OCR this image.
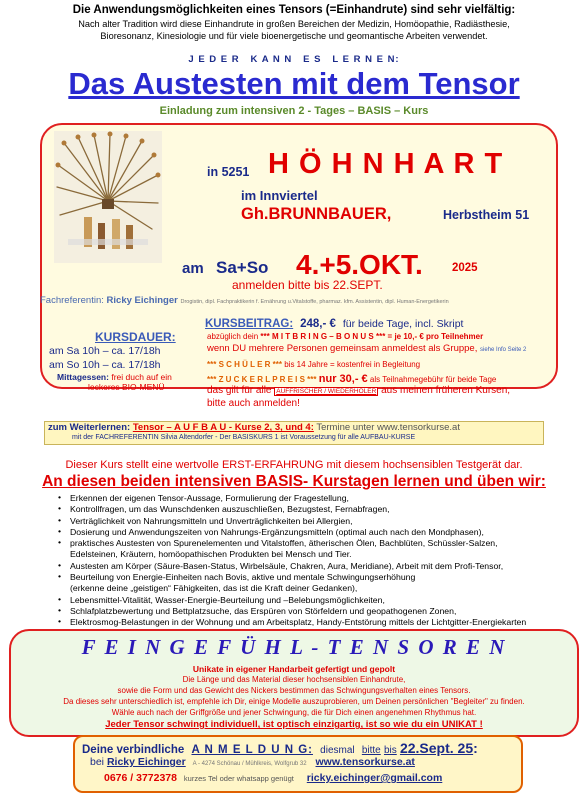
Die Anwendungsmöglichkeiten eines Tensors (=Einhandrute) sind sehr vielfältig:
Nach alter Tradition wird diese Einhandrute in großen Bereichen der Medizin, Homöopathie, Radiästhesie,
Bioresonanz, Kinesiologie und für viele bioenergetische und geomantische Arbeiten verwendet.
J E D E R   K A N N   E S   L E R N E N:
Das Austesten mit dem Tensor
Einladung zum intensiven 2 - Tages – BASIS – Kurs
in 5251 H Ö H N H A R T
im Innviertel
Gh.BRUNNBAUER,	Herbstheim 51
am Sa+So 4.+5.OKT.	2025
anmelden bitte bis 22.SEPT.
Fachreferentin: Ricky Eichinger Drogistin, dipl. Fachpraktikerin f. Ernährung u.Vitalstoffe, pharmaz. kfm. Assistentin, dipl. Human-Energetikerin
KURSDAUER:
am Sa 10h – ca. 17/18h
am So 10h – ca. 17/18h
Mittagessen: frei duch auf ein
leckeres BIO-MENÜ
KURSBEITRAG: 248,- € für beide Tage, incl. Skript
abzüglich dein *** M I T B R I N G – B O N U S *** = je 10,- € pro Teilnehmer
wenn DU mehrere Personen gemeinsam anmeldest als Gruppe, siehe Info Seite 2
*** S C H Ü L E R *** bis 14 Jahre = kostenfrei in Begleitung
*** Z U C K E R L P R E I S *** nur 30,- € als Teilnahmegebühr für beide Tage
das gilt für alle AUFFRISCHER / WIEDERHOLER aus meinen früheren Kursen,
bitte auch anmelden!
zum Weiterlernen: Tensor – A U F B A U - Kurse 2, 3, und 4: Termine unter www.tensorkurse.at
mit der FACHREFERENTIN Silvia Altendorfer - Der BASISKURS 1 ist Voraussetzung für alle AUFBAU-KURSE
Dieser Kurs stellt eine wertvolle ERST-ERFAHRUNG mit diesem hochsensiblen Testgerät dar.
An diesen beiden intensiven BASIS- Kurstagen lernen und üben wir:
• Erkennen der eigenen Tensor-Aussage, Formulierung der Fragestellung,
• Kontrollfragen, um das Wunschdenken auszuschließen, Bezugstest, Fernabfragen,
• Verträglichkeit von Nahrungsmitteln und Unverträglichkeiten bei Allergien,
• Dosierung und Anwendungszeiten von Nahrungs-Ergänzungsmitteln (optimal auch nach den Mondphasen),
• praktisches Austesten von Spurenelementen und Vitalstoffen, ätherischen Ölen, Bachblüten, Schüssler-Salzen,
Edelsteinen, Kräutern, homöopathischen Produkten bei Mensch und Tier.
• Austesten am Körper (Säure-Basen-Status, Wirbelsäule, Chakren, Aura, Meridiane), Arbeit mit dem Profi-Tensor,
• Beurteilung von Energie-Einheiten nach Bovis, aktive und mentale Schwingungserhöhung
(erkenne deine „geistigen“ Fähigkeiten, das ist die Kraft deiner Gedanken),
• Lebensmittel-Vitalität, Wasser-Energie-Beurteilung und –Belebungsmöglichkeiten,
• Schlafplatzbewertung und Bettplatzsuche, das Erspüren von Störfeldern und geopathogenen Zonen,
• Elektrosmog-Belastungen in der Wohnung und am Arbeitsplatz, Handy-Entstörung mittels der Lichtgitter-Energiekarten
F E I N G E F Ü H L - T E N S O R E N
Unikate in eigener Handarbeit gefertigt und gepolt
Die Länge und das Material dieser hochsensiblen Einhandrute,
sowie die Form und das Gewicht des Nickers bestimmen das Schwingungsverhalten eines Tensors.
Da dieses sehr unterschiedlich ist, empfehle ich Dir, einige Modelle auszuprobieren, um Deinen persönlichen "Begleiter" zu finden.
Wähle auch nach der Griffgröße und jener Schwingung, die für Dich einen angenehmen Rhythmus hat.
Jeder Tensor schwingt individuell, ist optisch einzigartig, ist so wie du ein UNIKAT !
Deine verbindliche A N M E L D U N G: diesmal bitte bis 22.Sept. 25:
bei Ricky Eichinger A - 4274 Schönau / Mühlkreis, Wolfgrub 32 www.tensorkurse.at
0676 / 3772378 kurzes Tel oder whatsapp genügt ricky.eichinger@gmail.com
